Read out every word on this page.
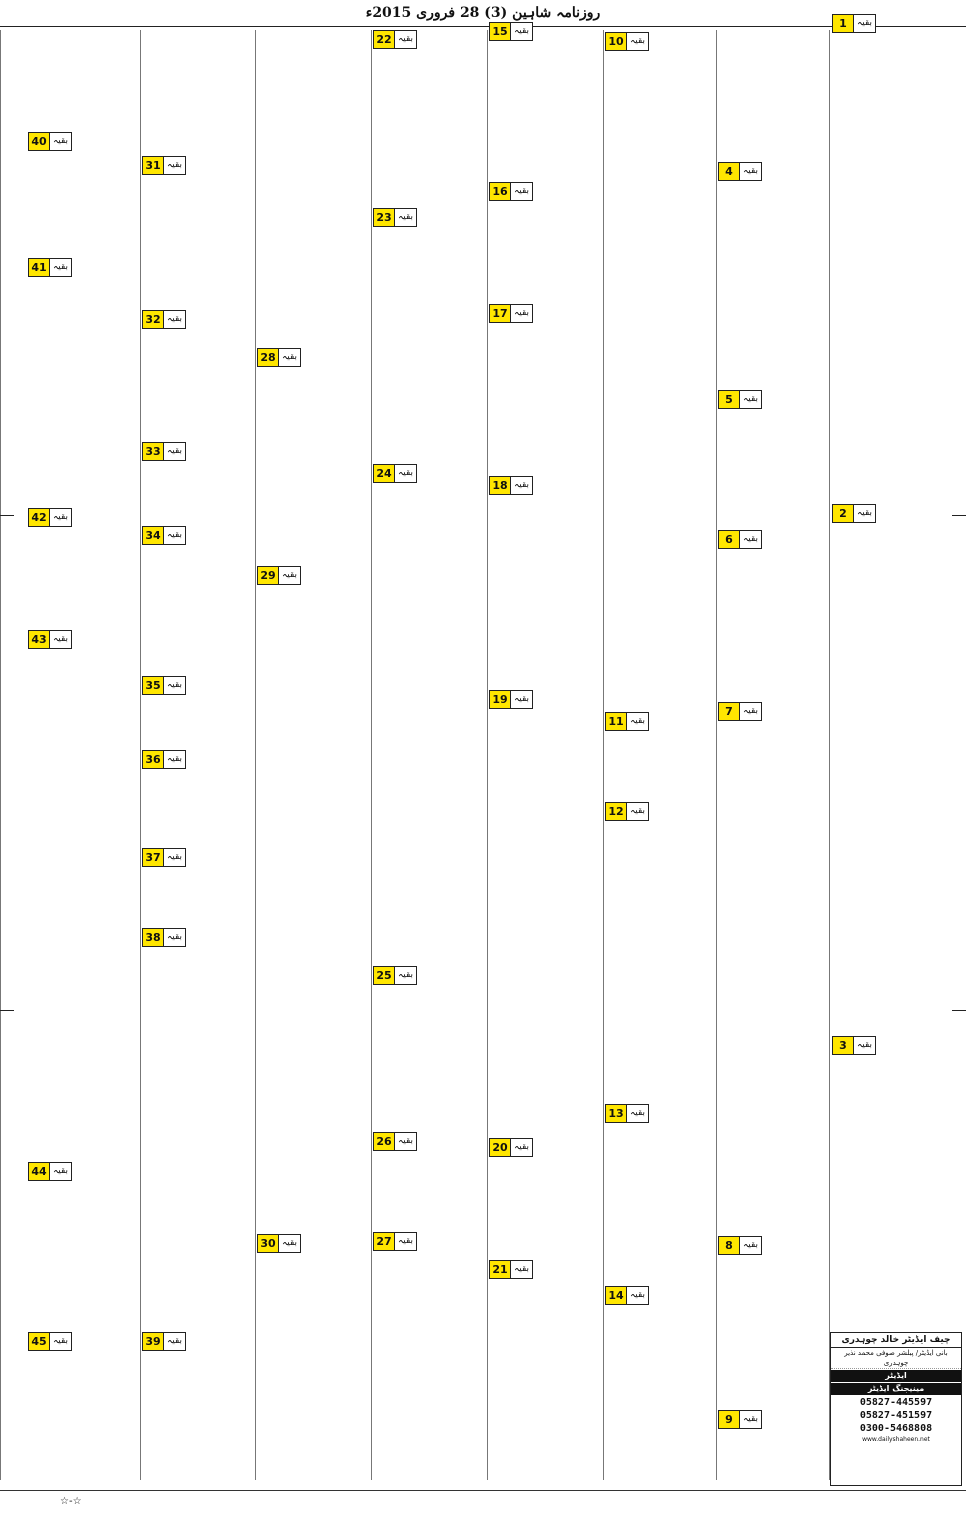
روزنامہ شاہین (3) 28 فروری 2015ء
1	بقیہ
2	بقیہ
3	بقیہ
4	بقیہ
5	بقیہ
6	بقیہ
7	بقیہ
8	بقیہ
9	بقیہ
10 بقیہ
11 بقیہ
12 بقیہ
13 بقیہ
14 بقیہ
15 بقیہ
16 بقیہ
17 بقیہ
18 بقیہ
19 بقیہ
20 بقیہ
21 بقیہ
22 بقیہ
23 بقیہ
24 بقیہ
25 بقیہ
26 بقیہ
27 بقیہ
28 بقیہ
29 بقیہ
30 بقیہ
31 بقیہ
32 بقیہ
33 بقیہ
34 بقیہ
35 بقیہ
36 بقیہ
37 بقیہ
38 بقیہ
39 بقیہ
40 بقیہ
41 بقیہ
42 بقیہ
43 بقیہ
44 بقیہ
45 بقیہ	چیف ایڈیٹر خالد چوہدری
بانی ایڈیٹر/ پبلشر صوفی محمد نذیر چوہدری
ایڈیٹر
مینیجنگ ایڈیٹر
05827-445597
05827-451597
0300-5468808
www.dailyshaheen.net
☆-☆
